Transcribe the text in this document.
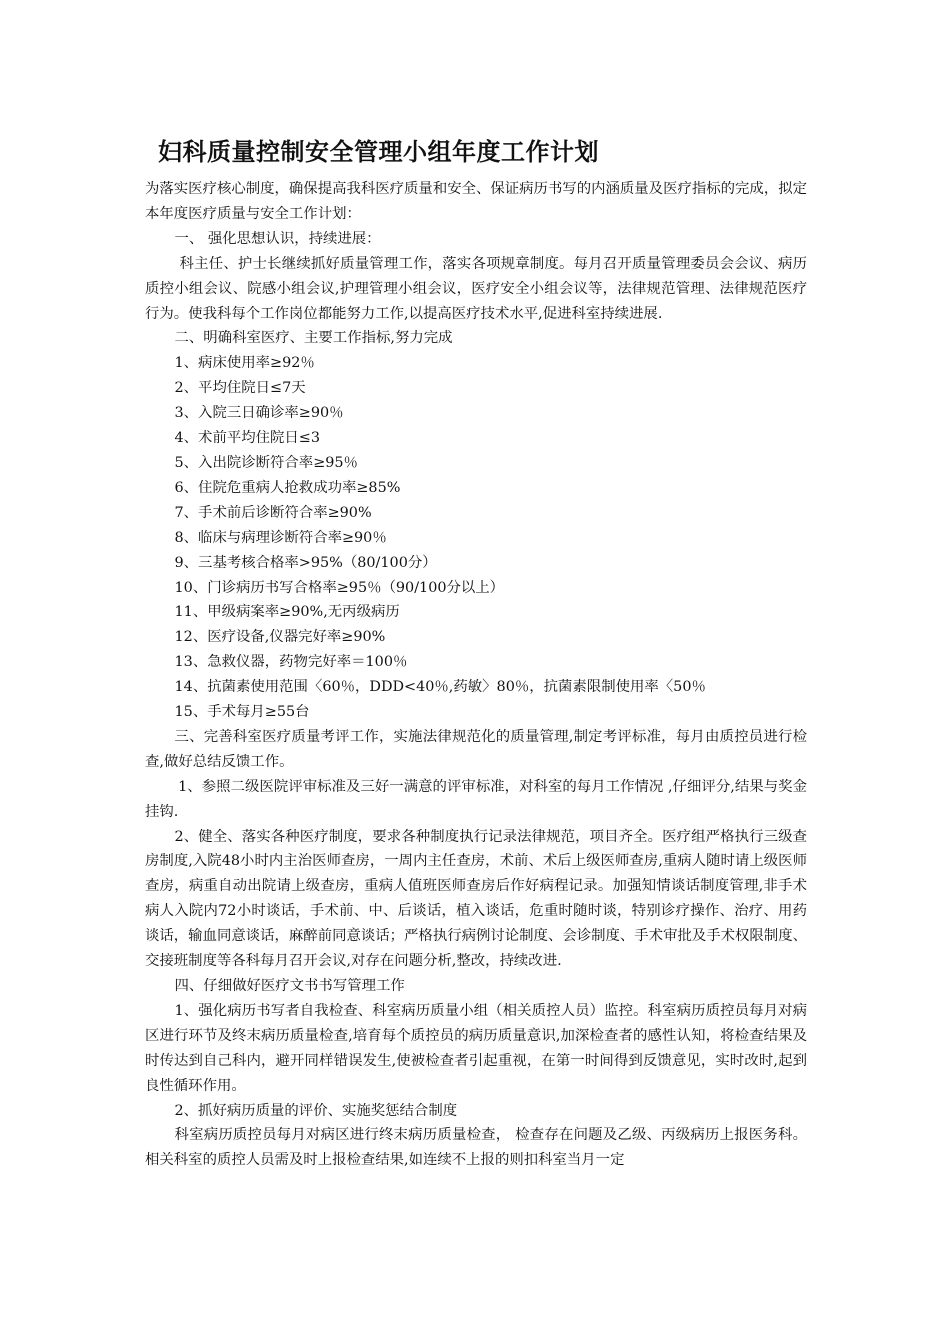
妇科质量控制安全管理小组年度工作计划

为落实医疗核心制度，确保提高我科医疗质量和安全、保证病历书写的内涵质量及医疗指标的完成，拟定本年度医疗质量与安全工作计划：

一、 强化思想认识，持续进展：

科主任、护士长继续抓好质量管理工作，落实各项规章制度。每月召开质量管理委员会会议、病历质控小组会议、院感小组会议,护理管理小组会议，医疗安全小组会议等，法律规范管理、法律规范医疗行为。使我科每个工作岗位都能努力工作,以提高医疗技术水平,促进科室持续进展.

二、明确科室医疗、主要工作指标,努力完成

1、病床使用率≥92％

2、平均住院日≤7天

3、入院三日确诊率≥90％

4、术前平均住院日≤3

5、入出院诊断符合率≥95％

6、住院危重病人抢救成功率≥85%

7、手术前后诊断符合率≥90%

8、临床与病理诊断符合率≥90％

9、三基考核合格率>95%（80/100分）

10、门诊病历书写合格率≥95％（90/100分以上）

11、甲级病案率≥90%,无丙级病历

12、医疗设备,仪器完好率≥90%

13、急救仪器，药物完好率＝100％

14、抗菌素使用范围〈60％，DDD<40％,药敏〉80％，抗菌素限制使用率〈50％

15、手术每月≥55台

三、完善科室医疗质量考评工作，实施法律规范化的质量管理,制定考评标准，每月由质控员进行检查,做好总结反馈工作。

1、参照二级医院评审标准及三好一满意的评审标准，对科室的每月工作情况 ,仔细评分,结果与奖金挂钩.

2、健全、落实各种医疗制度，要求各种制度执行记录法律规范，项目齐全。医疗组严格执行三级查房制度,入院48小时内主治医师查房，一周内主任查房，术前、术后上级医师查房,重病人随时请上级医师查房，病重自动出院请上级查房，重病人值班医师查房后作好病程记录。加强知情谈话制度管理,非手术病人入院内72小时谈话，手术前、中、后谈话，植入谈话，危重时随时谈，特别诊疗操作、治疗、用药谈话，输血同意谈话，麻醉前同意谈话；严格执行病例讨论制度、会诊制度、手术审批及手术权限制度、交接班制度等各科每月召开会议,对存在问题分析,整改，持续改进.

四、仔细做好医疗文书书写管理工作

1、强化病历书写者自我检查、科室病历质量小组（相关质控人员）监控。科室病历质控员每月对病区进行环节及终末病历质量检查,培育每个质控员的病历质量意识,加深检查者的感性认知，将检查结果及时传达到自己科内，避开同样错误发生,使被检查者引起重视，在第一时间得到反馈意见，实时改时,起到良性循环作用。

2、抓好病历质量的评价、实施奖惩结合制度

科室病历质控员每月对病区进行终末病历质量检查， 检查存在问题及乙级、丙级病历上报医务科。相关科室的质控人员需及时上报检查结果,如连续不上报的则扣科室当月一定
